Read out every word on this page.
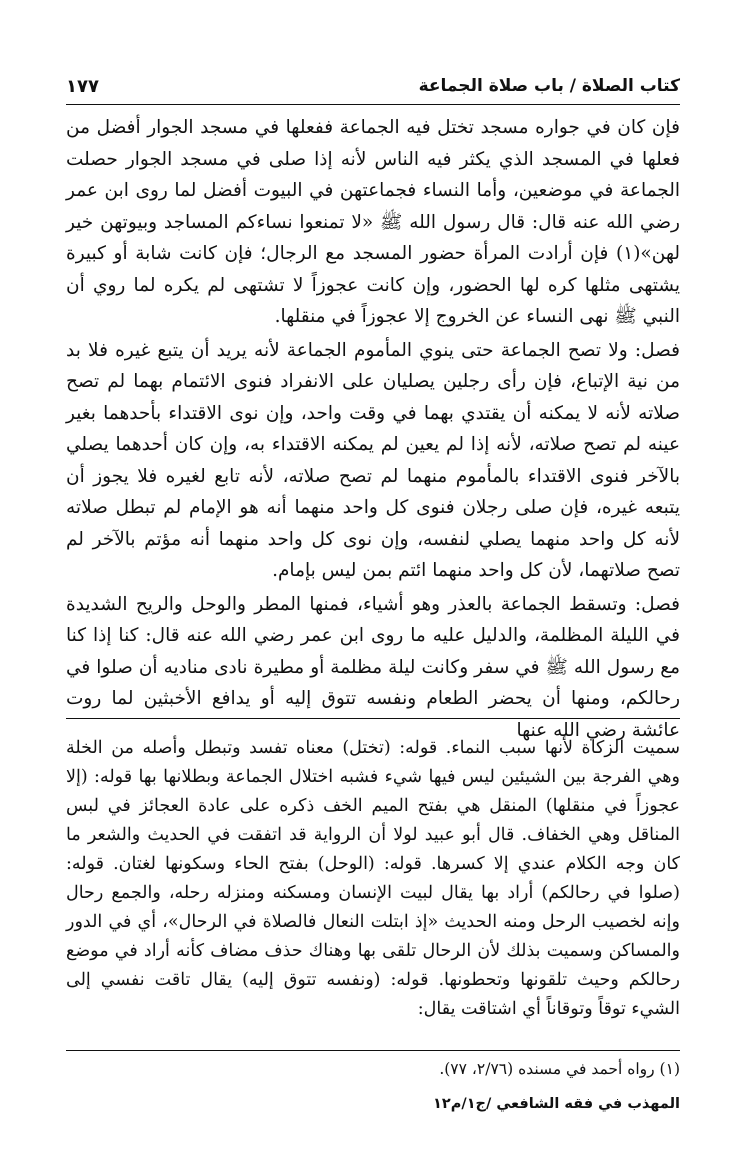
كتاب الصلاة / باب صلاة الجماعة
١٧٧

فإن كان في جواره مسجد تختل فيه الجماعة ففعلها في مسجد الجوار أفضل من فعلها في المسجد الذي يكثر فيه الناس لأنه إذا صلى في مسجد الجوار حصلت الجماعة في موضعين، وأما النساء فجماعتهن في البيوت أفضل لما روى ابن عمر رضي الله عنه قال: قال رسول الله ﷺ «لا تمنعوا نساءكم المساجد وبيوتهن خير لهن»(١) فإن أرادت المرأة حضور المسجد مع الرجال؛ فإن كانت شابة أو كبيرة يشتهى مثلها كره لها الحضور، وإن كانت عجوزاً لا تشتهى لم يكره لما روي أن النبي ﷺ نهى النساء عن الخروج إلا عجوزاً في منقلها.

فصل: ولا تصح الجماعة حتى ينوي المأموم الجماعة لأنه يريد أن يتبع غيره فلا بد من نية الإتباع، فإن رأى رجلين يصليان على الانفراد فنوى الائتمام بهما لم تصح صلاته لأنه لا يمكنه أن يقتدي بهما في وقت واحد، وإن نوى الاقتداء بأحدهما بغير عينه لم تصح صلاته، لأنه إذا لم يعين لم يمكنه الاقتداء به، وإن كان أحدهما يصلي بالآخر فنوى الاقتداء بالمأموم منهما لم تصح صلاته، لأنه تابع لغيره فلا يجوز أن يتبعه غيره، فإن صلى رجلان فنوى كل واحد منهما أنه هو الإمام لم تبطل صلاته لأنه كل واحد منهما يصلي لنفسه، وإن نوى كل واحد منهما أنه مؤتم بالآخر لم تصح صلاتهما، لأن كل واحد منهما ائتم بمن ليس بإمام.

فصل: وتسقط الجماعة بالعذر وهو أشياء، فمنها المطر والوحل والريح الشديدة في الليلة المظلمة، والدليل عليه ما روى ابن عمر رضي الله عنه قال: كنا إذا كنا مع رسول الله ﷺ في سفر وكانت ليلة مظلمة أو مطيرة نادى مناديه أن صلوا في رحالكم، ومنها أن يحضر الطعام ونفسه تتوق إليه أو يدافع الأخبثين لما روت عائشة رضي الله عنها

سميت الزكاة لأنها سبب النماء. قوله: (تختل) معناه تفسد وتبطل وأصله من الخلة وهي الفرجة بين الشيئين ليس فيها شيء فشبه اختلال الجماعة وبطلانها بها قوله: (إلا عجوزاً في منقلها) المنقل هي بفتح الميم الخف ذكره على عادة العجائز في لبس المناقل وهي الخفاف. قال أبو عبيد لولا أن الرواية قد اتفقت في الحديث والشعر ما كان وجه الكلام عندي إلا كسرها. قوله: (الوحل) بفتح الحاء وسكونها لغتان. قوله: (صلوا في رحالكم) أراد بها يقال لبيت الإنسان ومسكنه ومنزله رحله، والجمع رحال وإنه لخصيب الرحل ومنه الحديث «إذ ابتلت النعال فالصلاة في الرحال»، أي في الدور والمساكن وسميت بذلك لأن الرحال تلقى بها وهناك حذف مضاف كأنه أراد في موضع رحالكم وحيث تلقونها وتحطونها. قوله: (ونفسه تتوق إليه) يقال تاقت نفسي إلى الشيء توقاً وتوقاناً أي اشتاقت يقال:

(١) رواه أحمد في مسنده (٢/٧٦، ٧٧).
المهذب في فقه الشافعي /ج١/م١٢
